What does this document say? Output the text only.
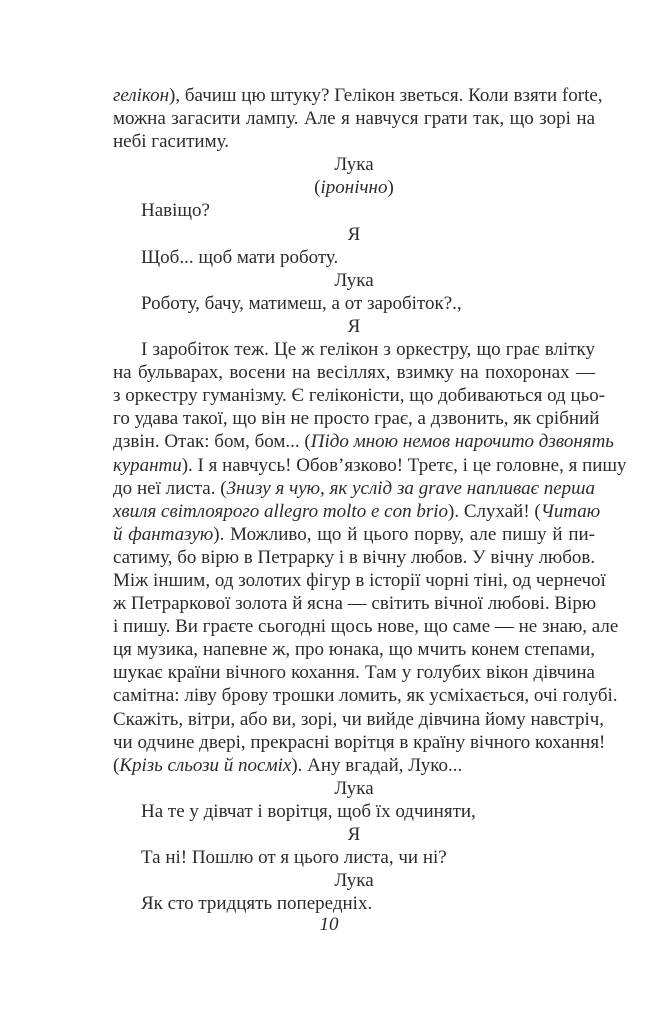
гелікон), бачиш цю штуку? Гелікон зветься. Коли взяти forte,
можна загасити лампу. Але я навчуся грати так, що зорі на
небі гаситиму.
Лука
(іронічно)
Навіщо?
Я
Щоб... щоб мати роботу.
Лука
Роботу, бачу, матимеш, а от заробіток?.,
Я
І заробіток теж. Це ж гелікон з оркестру, що грає влітку
на бульварах, восени на весіллях, взимку на похоронах —
з оркестру гуманізму. Є геліконісти, що добиваються од цьо-
го удава такої, що він не просто грає, а дзвонить, як срібний
дзвін. Отак: бом, бом... (Підо мною немов нарочито дзвонять
куранти). І я навчусь! Обов’язково! Третє, і це головне, я пишу
до неї листа. (Знизу я чую, як услід за grave напливає перша
хвиля світлоярого allegro molto e con brio). Слухай! (Читаю
й фантазую). Можливо, що й цього порву, але пишу й пи-
сатиму, бо вірю в Петрарку і в вічну любов. У вічну любов.
Між іншим, од золотих фігур в історії чорні тіні, од чернечої
ж Петраркової золота й ясна — світить вічної любові. Вірю
і пишу. Ви граєте сьогодні щось нове, що саме — не знаю, але
ця музика, напевне ж, про юнака, що мчить конем степами,
шукає країни вічного кохання. Там у голубих вікон дівчина
самітна: ліву брову трошки ломить, як усміхається, очі голубі.
Скажіть, вітри, або ви, зорі, чи вийде дівчина йому навстріч,
чи одчине двері, прекрасні ворітця в країну вічного кохання!
(Крізь сльози й посміх). Ану вгадай, Луко...
Лука
На те у дівчат і ворітця, щоб їх одчиняти,
Я
Та ні! Пошлю от я цього листа, чи ні?
Лука
Як сто тридцять попередніх.
10
